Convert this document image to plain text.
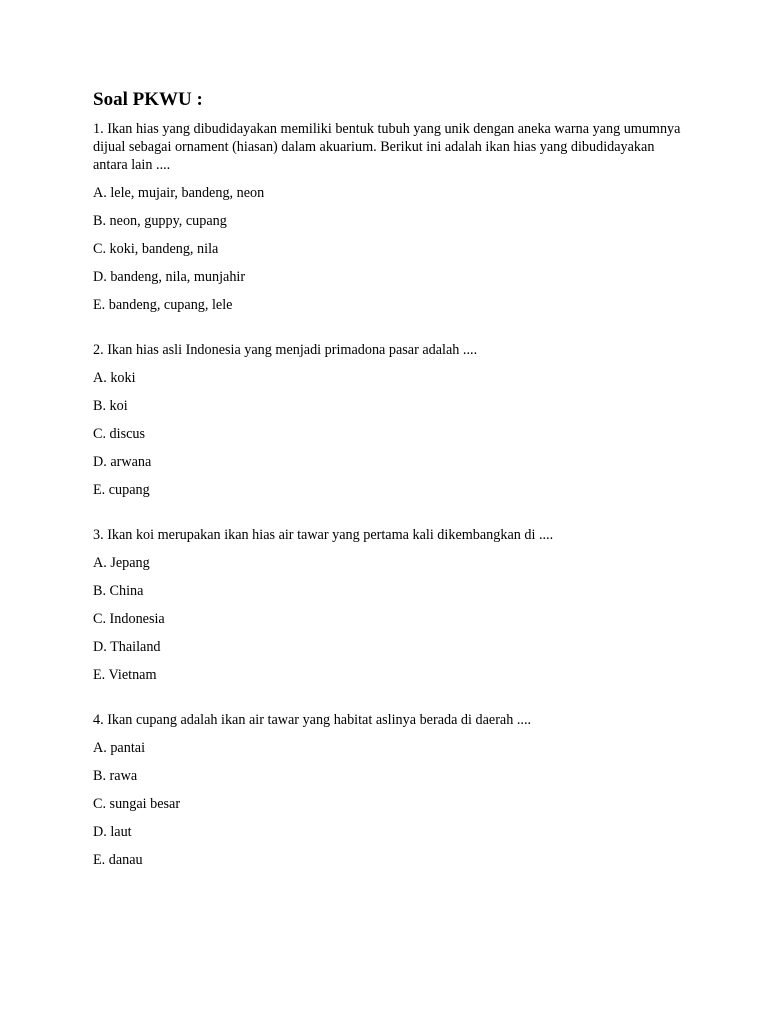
Soal PKWU :

1. Ikan hias yang dibudidayakan memiliki bentuk tubuh yang unik dengan aneka warna yang umumnya dijual sebagai ornament (hiasan) dalam akuarium. Berikut ini adalah ikan hias yang dibudidayakan antara lain ....

A. lele, mujair, bandeng, neon

B. neon, guppy, cupang

C. koki, bandeng, nila

D. bandeng, nila, munjahir

E. bandeng, cupang, lele

2. Ikan hias asli Indonesia yang menjadi primadona pasar adalah ....

A. koki

B. koi

C. discus

D. arwana

E. cupang

3. Ikan koi merupakan ikan hias air tawar yang pertama kali dikembangkan di ....

A. Jepang

B. China

C. Indonesia

D. Thailand

E. Vietnam

4. Ikan cupang adalah ikan air tawar yang habitat aslinya berada di daerah ....

A. pantai

B. rawa

C. sungai besar

D. laut

E. danau
